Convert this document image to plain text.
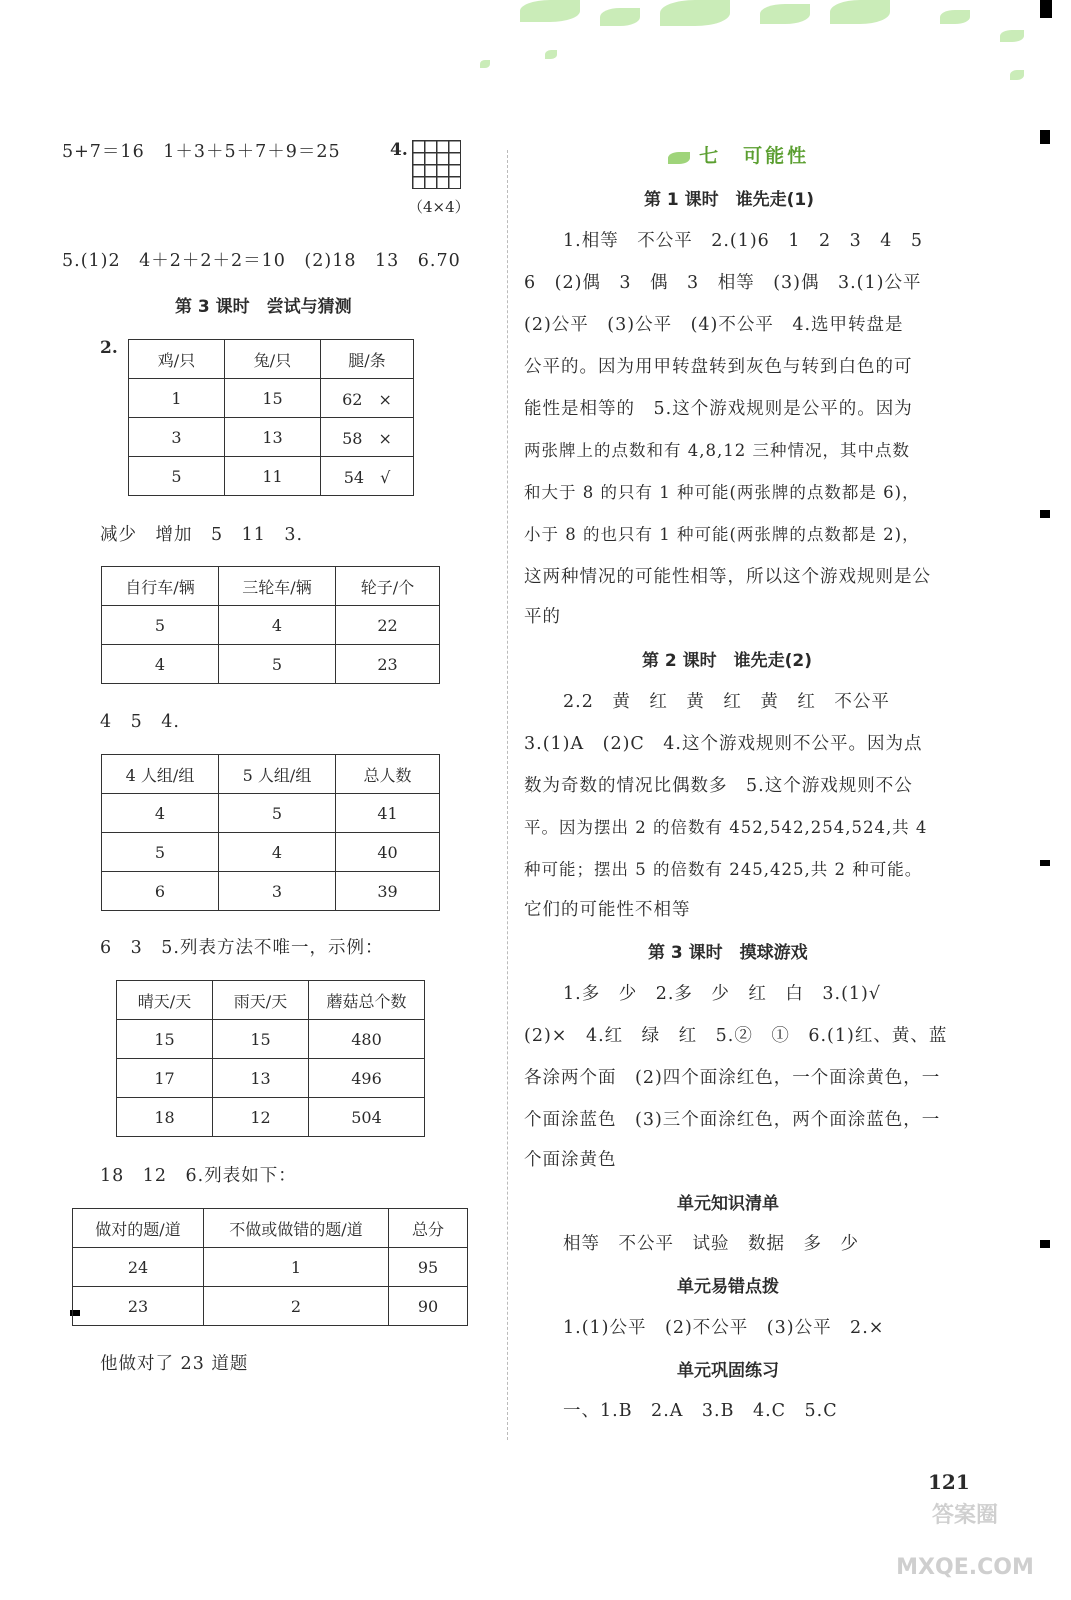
5+7＝16　1＋3＋5＋7＋9＝25	4.
（4×4）
5.(1)2　4＋2＋2＋2＝10　(2)18　13　6.70
第 3 课时　尝试与猜测
2.
鸡/只	兔/只	腿/条
1	15	62　×
3	13	58　×
5	11	54　√
减少　增加　5　11　3.
自行车/辆	三轮车/辆	轮子/个
5	4	22
4	5	23
4　5　4.
4 人组/组	5 人组/组	总人数
4	5	41
5	4	40
6	3	39
6　3　5.列表方法不唯一，示例：
晴天/天	雨天/天	蘑菇总个数
15	15	480
17	13	496
18	12	504
18　12　6.列表如下：
做对的题/道	不做或做错的题/道	总分
24	1	95
23	2	90
他做对了 23 道题
七　可能性
第 1 课时　谁先走(1)
1.相等　不公平　2.(1)6　1　2　3　4　5
6　(2)偶　3　偶　3　相等　(3)偶　3.(1)公平
(2)公平　(3)公平　(4)不公平　4.选甲转盘是
公平的。因为用甲转盘转到灰色与转到白色的可
能性是相等的　5.这个游戏规则是公平的。因为
两张牌上的点数和有 4,8,12 三种情况，其中点数
和大于 8 的只有 1 种可能(两张牌的点数都是 6)，
小于 8 的也只有 1 种可能(两张牌的点数都是 2)，
这两种情况的可能性相等，所以这个游戏规则是公
平的
第 2 课时　谁先走(2)
2.2　黄　红　黄　红　黄　红　不公平
3.(1)A　(2)C　4.这个游戏规则不公平。因为点
数为奇数的情况比偶数多　5.这个游戏规则不公
平。因为摆出 2 的倍数有 452,542,254,524,共 4
种可能；摆出 5 的倍数有 245,425,共 2 种可能。
它们的可能性不相等
第 3 课时　摸球游戏
1.多　少　2.多　少　红　白　3.(1)√
(2)×　4.红　绿　红　5.②　①　6.(1)红、黄、蓝
各涂两个面　(2)四个面涂红色，一个面涂黄色，一
个面涂蓝色　(3)三个面涂红色，两个面涂蓝色，一
个面涂黄色
单元知识清单
相等　不公平　试验　数据　多　少
单元易错点拨
1.(1)公平　(2)不公平　(3)公平　2.×
单元巩固练习
一、1.B　2.A　3.B　4.C　5.C
121
答案圈 MXQE.COM
